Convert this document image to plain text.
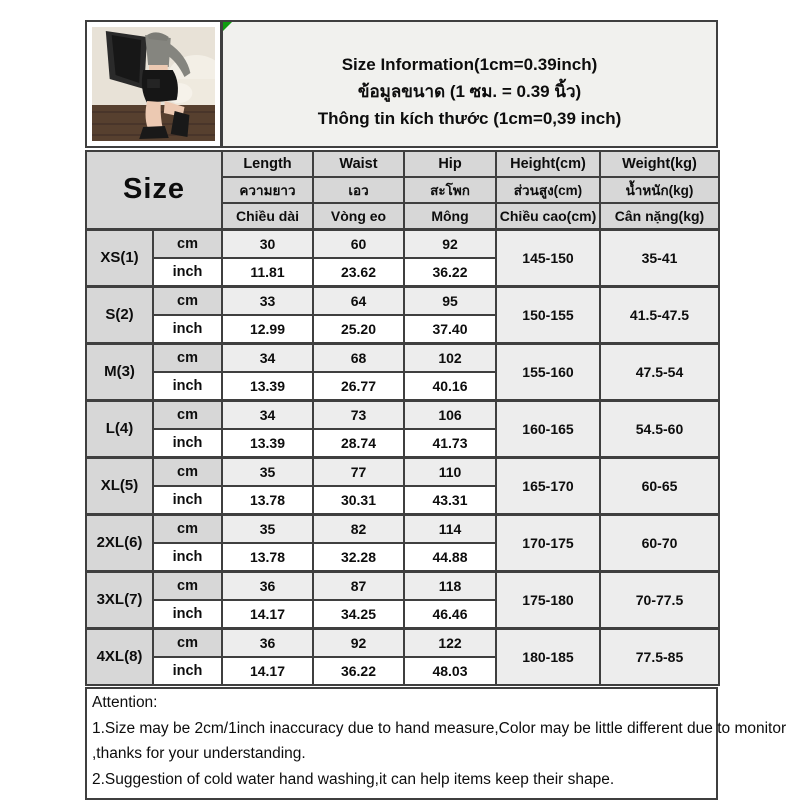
Size Information(1cm=0.39inch)
ข้อมูลขนาด (1 ซม. = 0.39 นิ้ว)
Thông tin kích thước (1cm=0,39 inch)
Size		Length	Waist	Hip	Height(cm)	Weight(kg)
		ความยาว	เอว	สะโพก	ส่วนสูง(cm)	น้ำหนัก(kg)
		Chiều dài	Vòng eo	Mông	Chiều cao(cm)	Cân nặng(kg)
XS(1)	cm	30	60	92	145-150	35-41
	inch	11.81	23.62	36.22		
S(2)	cm	33	64	95	150-155	41.5-47.5
	inch	12.99	25.20	37.40		
M(3)	cm	34	68	102	155-160	47.5-54
	inch	13.39	26.77	40.16		
L(4)	cm	34	73	106	160-165	54.5-60
	inch	13.39	28.74	41.73		
XL(5)	cm	35	77	110	165-170	60-65
	inch	13.78	30.31	43.31		
2XL(6)	cm	35	82	114	170-175	60-70
	inch	13.78	32.28	44.88		
3XL(7)	cm	36	87	118	175-180	70-77.5
	inch	14.17	34.25	46.46		
4XL(8)	cm	36	92	122	180-185	77.5-85
	inch	14.17	36.22	48.03		
Attention:
1.Size may be 2cm/1inch inaccuracy due to hand measure,Color may be little different due to monitor
,thanks for your understanding.
2.Suggestion of cold water hand washing,it can help items keep their shape.
